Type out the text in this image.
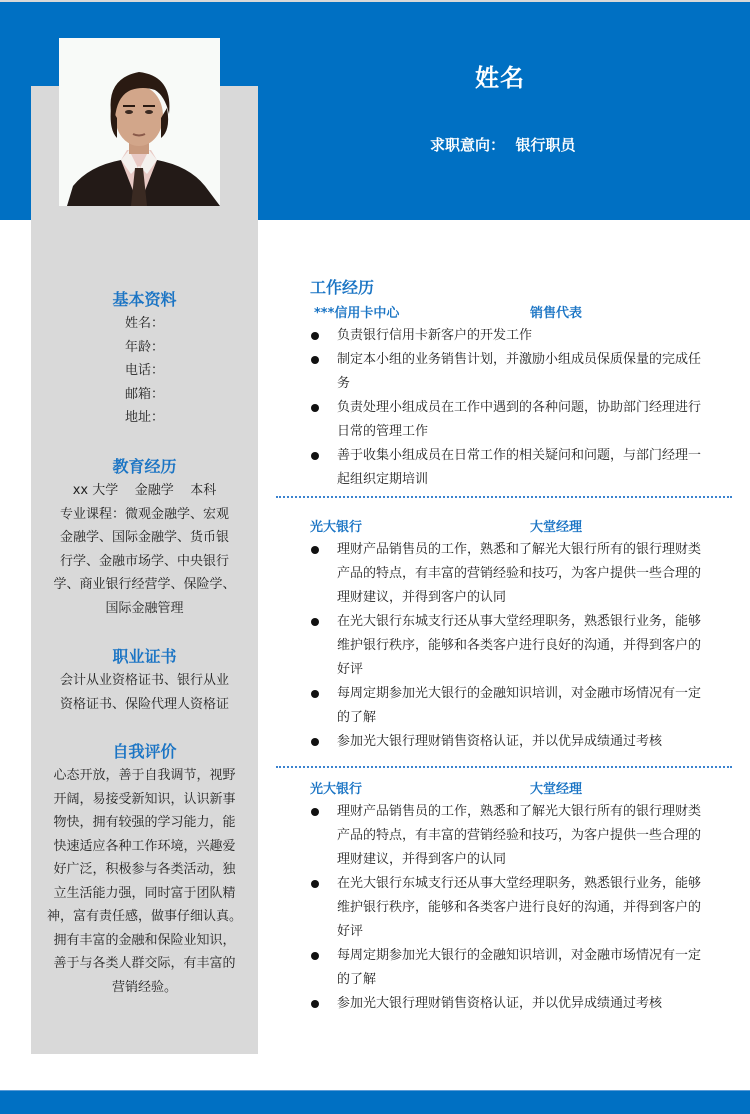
姓名
求职意向：  银行职员
基本资料
姓名：
年龄：
电话：
邮箱：
地址：
教育经历
xx 大学    金融学    本科
专业课程：微观金融学、宏观
金融学、国际金融学、货币银
行学、金融市场学、中央银行
学、商业银行经营学、保险学、
国际金融管理
职业证书
会计从业资格证书、银行从业
资格证书、保险代理人资格证
自我评价
心态开放，善于自我调节，视野
开阔，易接受新知识，认识新事
物快，拥有较强的学习能力，能
快速适应各种工作环境，兴趣爱
好广泛，积极参与各类活动，独
立生活能力强，同时富于团队精
神，富有责任感，做事仔细认真。
拥有丰富的金融和保险业知识，
善于与各类人群交际，有丰富的
营销经验。
工作经历
***信用卡中心	销售代表
负责银行信用卡新客户的开发工作
制定本小组的业务销售计划，并激励小组成员保质保量的完成任务
负责处理小组成员在工作中遇到的各种问题，协助部门经理进行日常的管理工作
善于收集小组成员在日常工作的相关疑问和问题，与部门经理一起组织定期培训
光大银行	大堂经理
理财产品销售员的工作，熟悉和了解光大银行所有的银行理财类产品的特点，有丰富的营销经验和技巧，为客户提供一些合理的 理财建议，并得到客户的认同
在光大银行东城支行还从事大堂经理职务，熟悉银行业务，能够维护银行秩序，能够和各类客户进行良好的沟通，并得到客户的好评
每周定期参加光大银行的金融知识培训，对金融市场情况有一定的了解
参加光大银行理财销售资格认证，并以优异成绩通过考核
光大银行	大堂经理
理财产品销售员的工作，熟悉和了解光大银行所有的银行理财类产品的特点，有丰富的营销经验和技巧，为客户提供一些合理的 理财建议，并得到客户的认同
在光大银行东城支行还从事大堂经理职务，熟悉银行业务，能够维护银行秩序，能够和各类客户进行良好的沟通，并得到客户的好评
每周定期参加光大银行的金融知识培训，对金融市场情况有一定的了解
参加光大银行理财销售资格认证，并以优异成绩通过考核
